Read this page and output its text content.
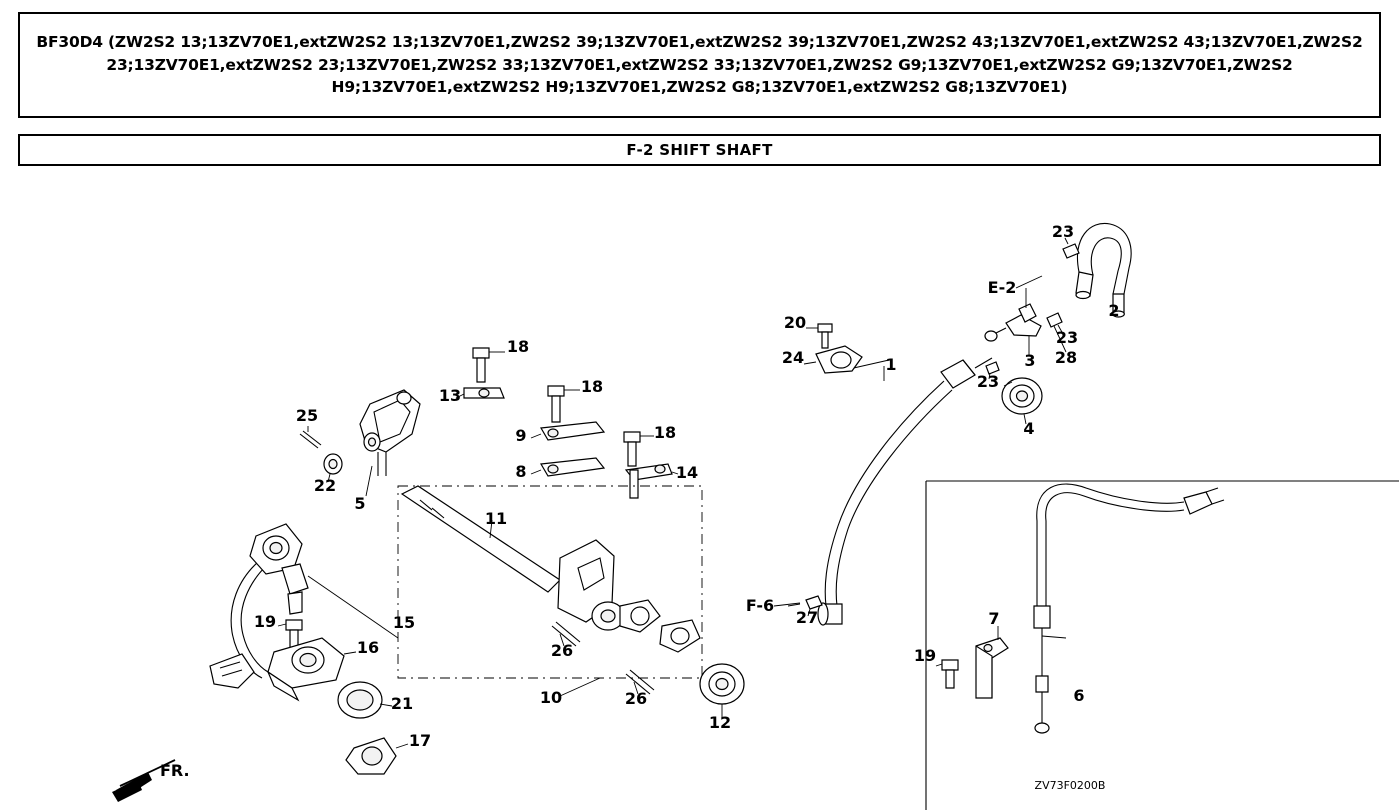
BF30D4 (ZW2S2 13;13ZV70E1,extZW2S2 13;13ZV70E1,ZW2S2 39;13ZV70E1,extZW2S2 39;13ZV70E1,ZW2S2 43;13ZV70E1,extZW2S2 43;13ZV70E1,ZW2S2 23;13ZV70E1,extZW2S2 23;13ZV70E1,ZW2S2 33;13ZV70E1,extZW2S2 33;13ZV70E1,ZW2S2 G9;13ZV70E1,extZW2S2 G9;13ZV70E1,ZW2S2 H9;13ZV70E1,extZW2S2 H9;13ZV70E1,ZW2S2 G8;13ZV70E1,extZW2S2 G8;13ZV70E1)
F-2 SHIFT SHAFT
E-2
F-6
FR.
ZV73F0200B
1
2
3
4
5
6
7
8
9
10
11
12
13
14
15
16
17
18
18
18
19
19
20
21
22
23
23
23
24
25
26
26
27
28
